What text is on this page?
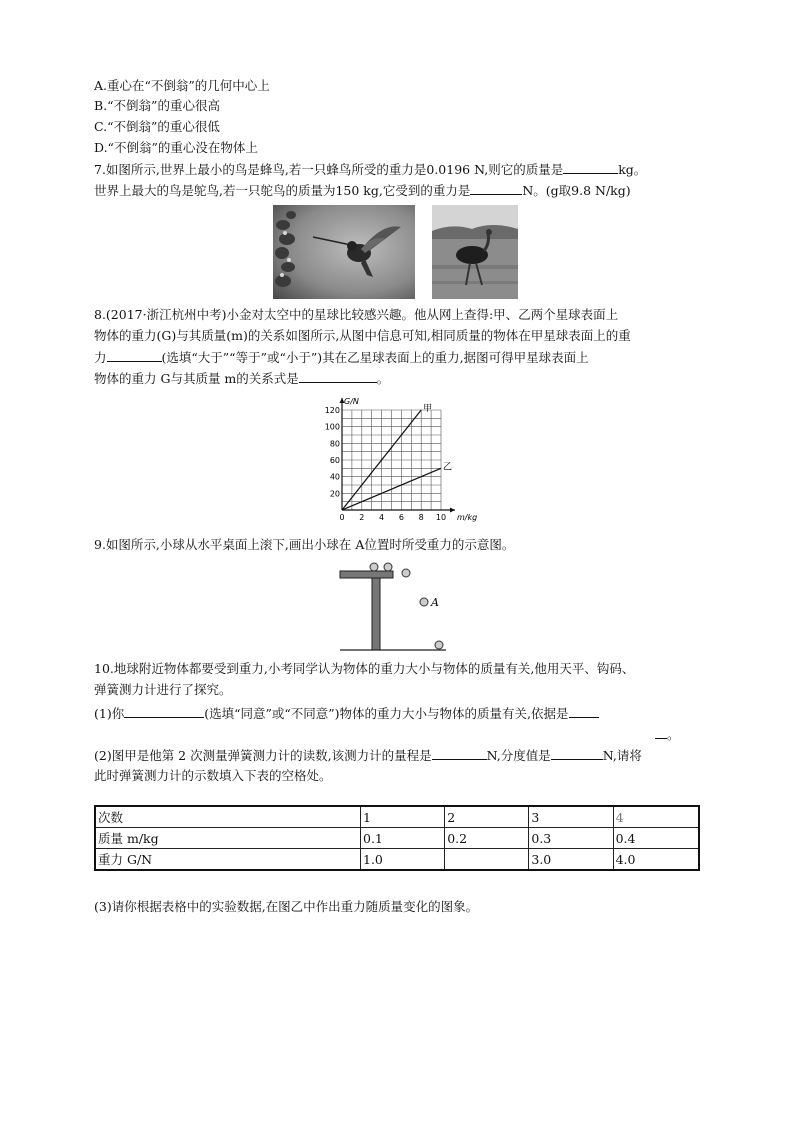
A.重心在“不倒翁”的几何中心上
B.“不倒翁”的重心很高
C.“不倒翁”的重心很低
D.“不倒翁”的重心没在物体上
7.如图所示,世界上最小的鸟是蜂鸟,若一只蜂鸟所受的重力是0.0196 N,则它的质量是	kg。
世界上最大的鸟是鸵鸟,若一只鸵鸟的质量为150 kg,它受到的重力是	N。(g取9.8 N/kg)
8.(2017·浙江杭州中考)小金对太空中的星球比较感兴趣。他从网上查得:甲、乙两个星球表面上
物体的重力(G)与其质量(m)的关系如图所示,从图中信息可知,相同质量的物体在甲星球表面上的重
力	(选填“大于”“等于”或“小于”)其在乙星球表面上的重力,据图可得甲星球表面上
物体的重力 G与其质量 m的关系式是	。
0 2 4 6 8 10
20
40
60
80
100
120
m/kg
G/N
甲
乙
9.如图所示,小球从水平桌面上滚下,画出小球在 A位置时所受重力的示意图。
A
10.地球附近物体都要受到重力,小考同学认为物体的重力大小与物体的质量有关,他用天平、钩码、
弹簧测力计进行了探究。
(1)你	(选填“同意”或“不同意”)物体的重力大小与物体的质量有关,依据是
。
(2)图甲是他第 2 次测量弹簧测力计的读数,该测力计的量程是	N,分度值是	N,请将
此时弹簧测力计的示数填入下表的空格处。
次数	1	2	3	4
质量 m/kg	0.1	0.2	0.3	0.4
重力 G/N	1.0		3.0	4.0
(3)请你根据表格中的实验数据,在图乙中作出重力随质量变化的图象。
